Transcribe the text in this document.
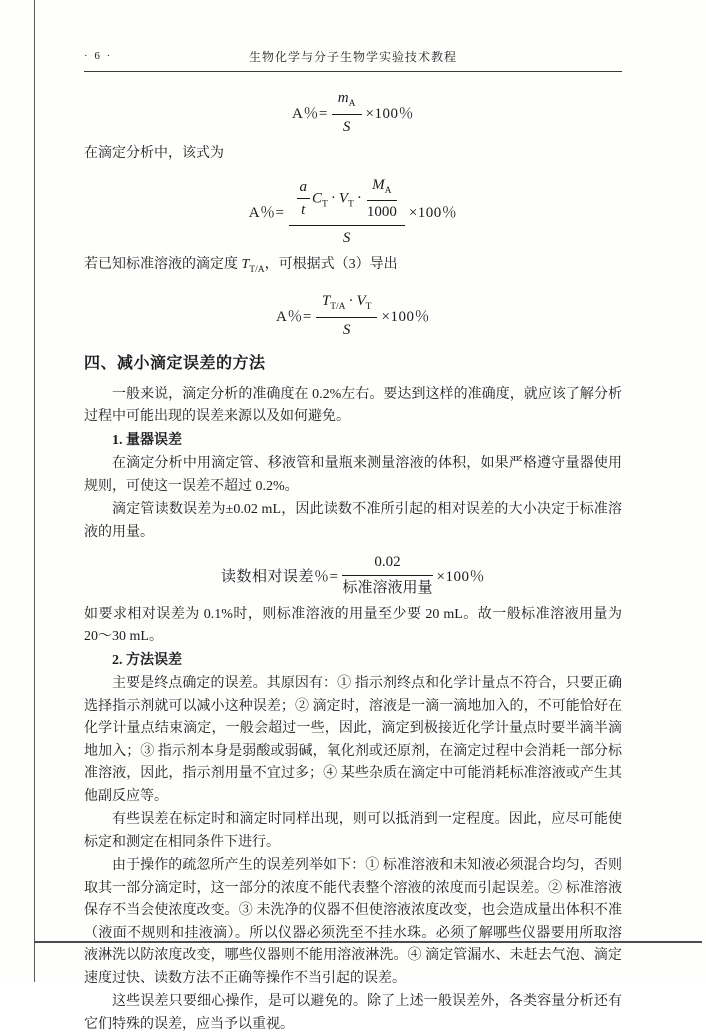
· 6 ·	生物化学与分子生物学实验技术教程
A％= $\frac{m_A}{S} \times 100$％

在滴定分析中，该式为

A％= $\frac{a}{t} C_T \cdot V_T \cdot \frac{M_A}{1000}$
S
×100％

若已知标准溶液的滴定度 $T_{T/A}$，可根据式（3）导出

A％= $\frac{T_{T/A} \cdot V_T}{S} \times 100$％
四、减小滴定误差的方法

一般来说，滴定分析的准确度在 0.2%左右。要达到这样的准确度，就应该了解分析过程中可能出现的误差来源以及如何避免。

1. 量器误差

在滴定分析中用滴定管、移液管和量瓶来测量溶液的体积，如果严格遵守量器使用规则，可使这一误差不超过 0.2%。

滴定管读数误差为±0.02 mL，因此读数不准所引起的相对误差的大小决定于标准溶液的用量。

读数相对误差％= $\frac{0.02}{\text{标准溶液用量}} \times 100$％

如要求相对误差为 0.1%时，则标准溶液的用量至少要 20 mL。故一般标准溶液用量为 20～30 mL。

2. 方法误差

主要是终点确定的误差。其原因有：① 指示剂终点和化学计量点不符合，只要正确选择指示剂就可以减小这种误差；② 滴定时，溶液是一滴一滴地加入的，不可能恰好在化学计量点结束滴定，一般会超过一些，因此，滴定到极接近化学计量点时要半滴半滴地加入；③ 指示剂本身是弱酸或弱碱，氧化剂或还原剂，在滴定过程中会消耗一部分标准溶液，因此，指示剂用量不宜过多；④ 某些杂质在滴定中可能消耗标准溶液或产生其他副反应等。

有些误差在标定时和滴定时同样出现，则可以抵消到一定程度。因此，应尽可能使标定和测定在相同条件下进行。

由于操作的疏忽所产生的误差列举如下：① 标准溶液和未知液必须混合均匀，否则取其一部分滴定时，这一部分的浓度不能代表整个溶液的浓度而引起误差。② 标准溶液保存不当会使浓度改变。③ 未洗净的仪器不但使溶液浓度改变，也会造成量出体积不准（液面不规则和挂液滴）。所以仪器必须洗至不挂水珠。必须了解哪些仪器要用所取溶液淋洗以防浓度改变，哪些仪器则不能用溶液淋洗。④ 滴定管漏水、未赶去气泡、滴定速度过快、读数方法不正确等操作不当引起的误差。

这些误差只要细心操作，是可以避免的。除了上述一般误差外，各类容量分析还有它们特殊的误差，应当予以重视。
